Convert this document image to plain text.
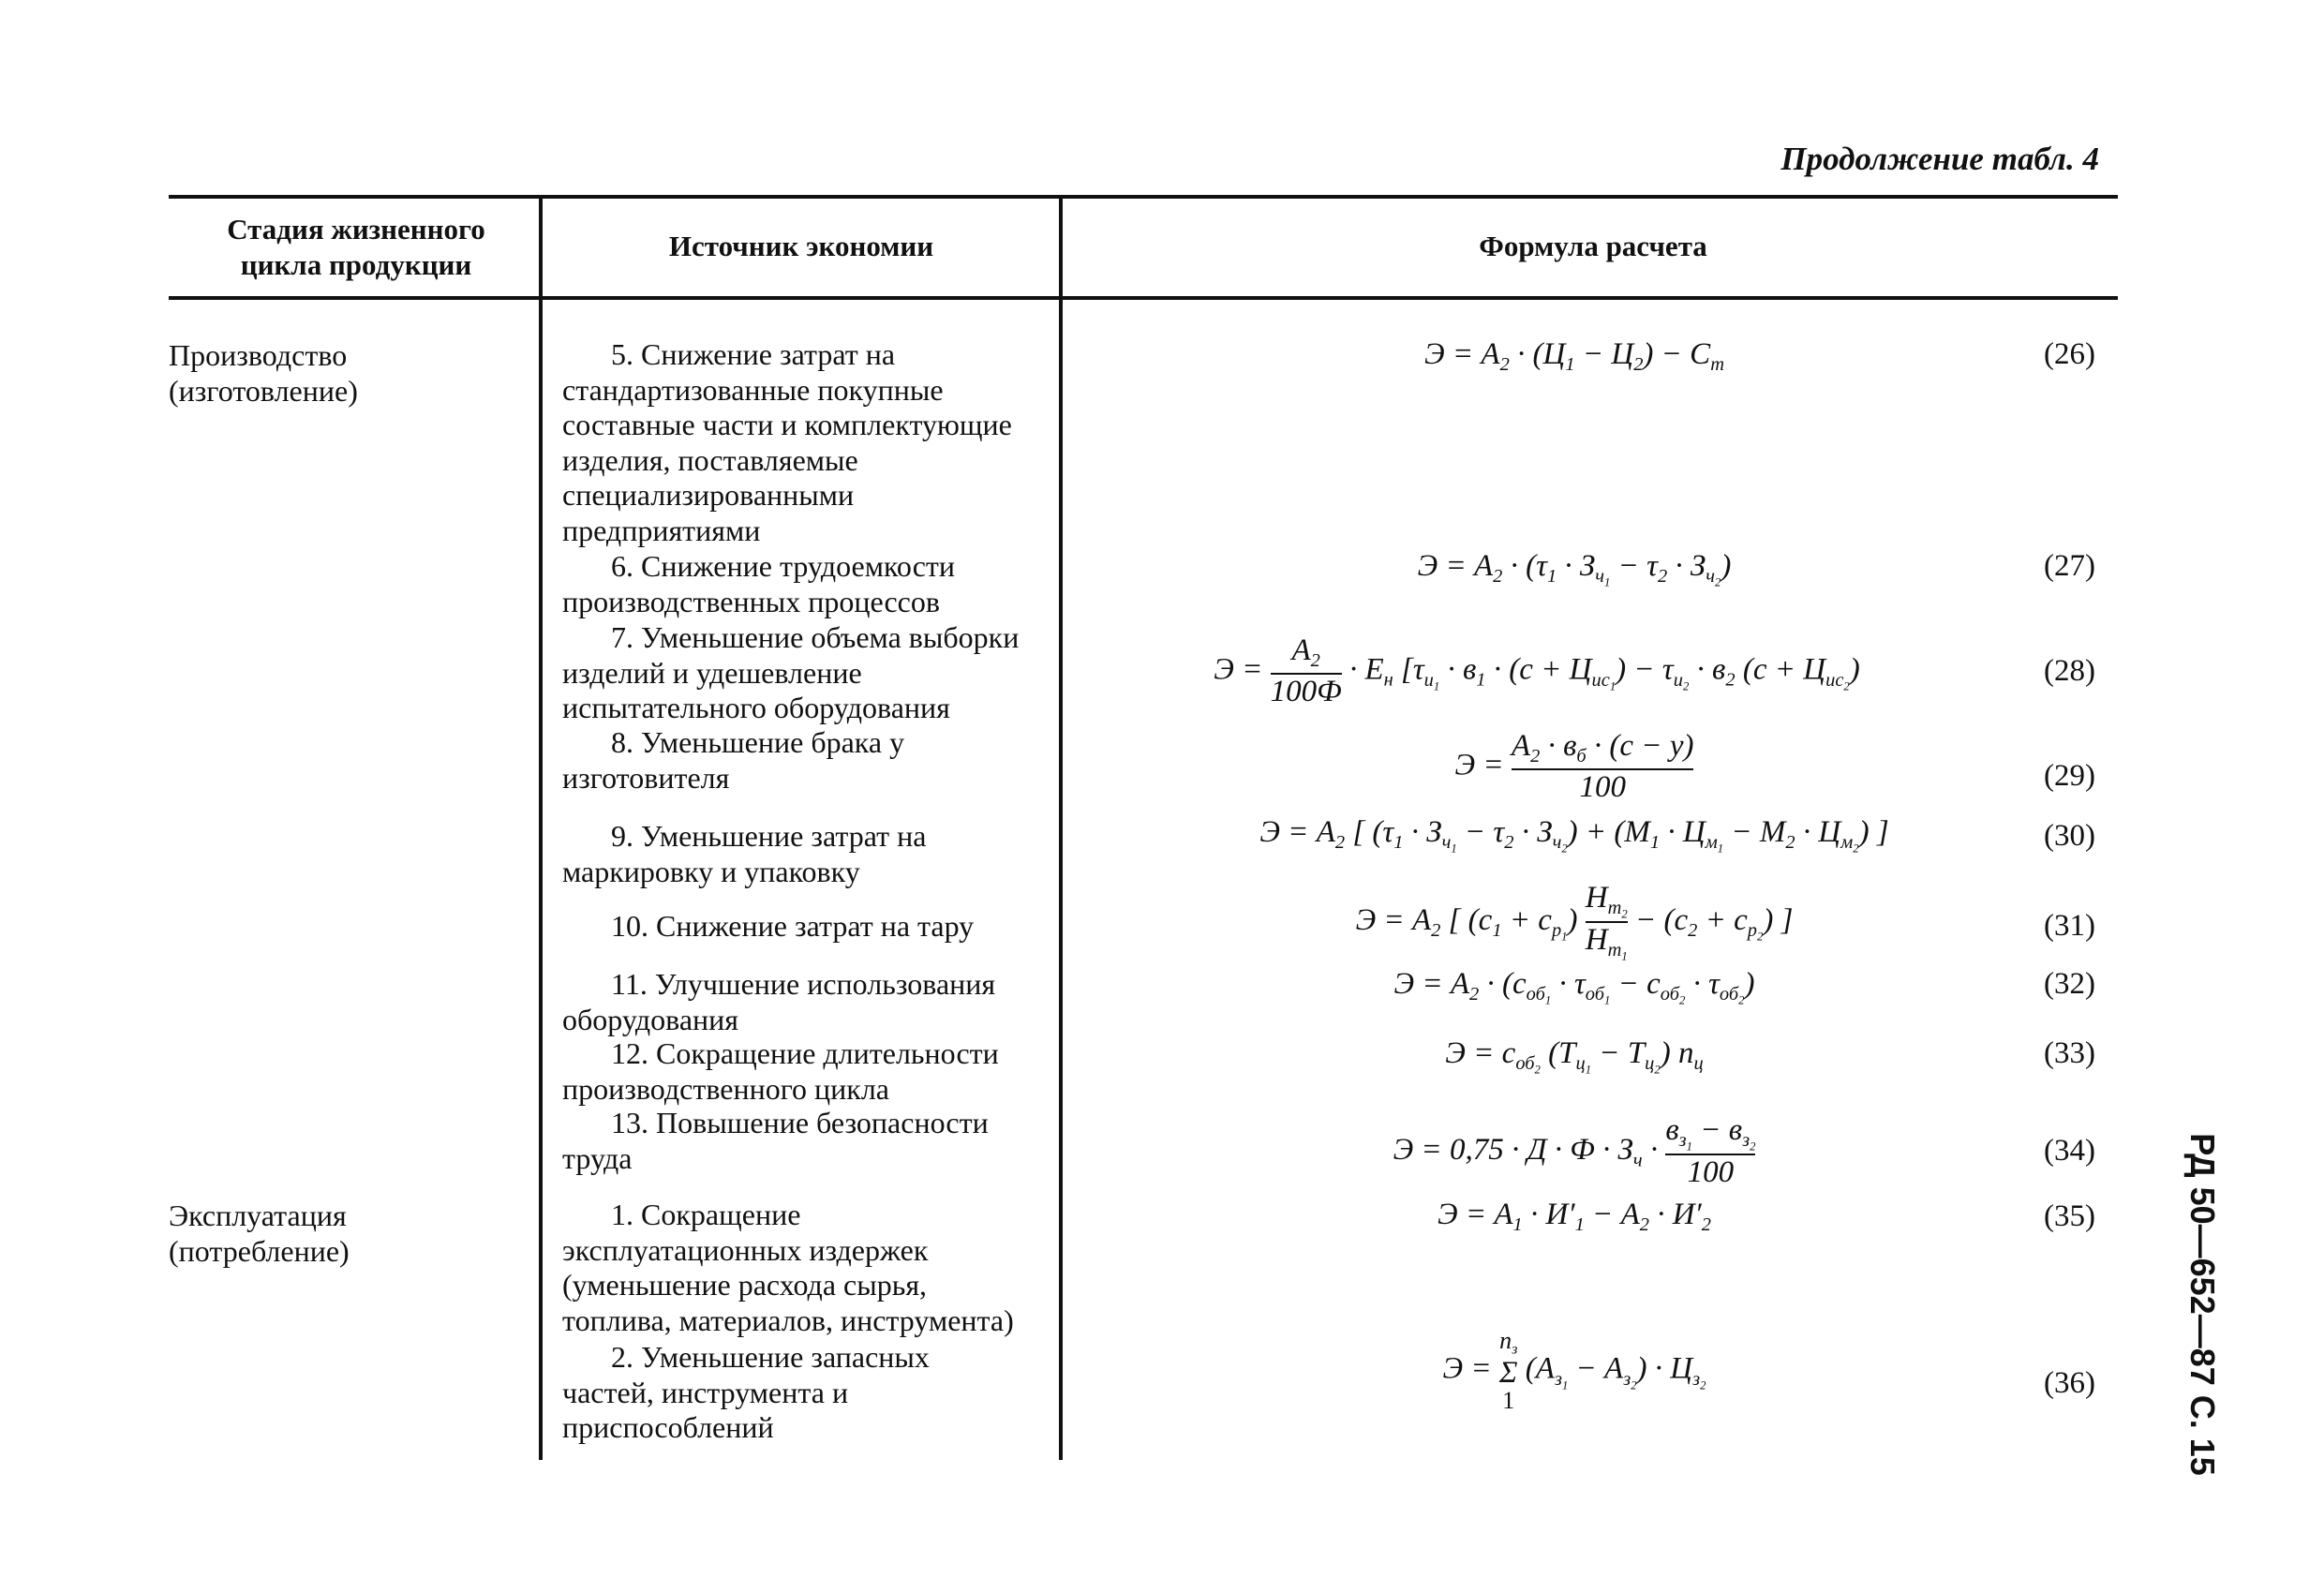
Продолжение табл. 4
Стадия жизненного цикла продукции
Источник экономии	Формула расчета
Производство (изготовление)
Эксплуатация (потребление)
5. Снижение затрат на стандартизованные покупные составные части и комплектующие изделия, поставляемые специализированными предприятиями
6. Снижение трудоемкости производственных процессов
7. Уменьшение объема выборки изделий и удешевление испытательного оборудования
8. Уменьшение брака у изготовителя
9. Уменьшение затрат на маркировку и упаковку
10. Снижение затрат на тару
11. Улучшение использования оборудования
12. Сокращение длительности производственного цикла
13. Повышение безопасности труда
1. Сокращение эксплуатационных издержек (уменьшение расхода сырья, топлива, материалов, инструмента)
2. Уменьшение запасных частей, инструмента и приспособлений
$Э = А_2 \cdot (Ц_1 - Ц_2) - С_т$
$Э = А_2 \cdot (\tau_1 \cdot З_{ч_1} - \tau_2 \cdot З_{ч_2})$
$Э = \frac{А_2}{100Ф} \cdot Е_н$ [$\tau_{и_1} \cdot в_1 \cdot (с + Ц_{ис_1}) - \tau_{и_2} \cdot в_2$ $(с + Ц_{ис_2})$
$Э = \frac{А_2 \cdot в_б \cdot (с - у)}{100}$
$Э = А_2$ [ $(\tau_1 \cdot З_{ч_1} - \tau_2 \cdot З_{ч_2}) + (М_1 \cdot Ц_{м_1} - М_2 \cdot Ц_{м_2})$ ]
$Э = А_2$ [ $(с_1 + с_{р_1}) \frac{Н_{т_2}}{Н_{т_1}} - (с_2 + с_{р_2})$ ]
$Э = А_2 \cdot (с_{об_1} \cdot \tau_{об_1} - с_{об_2} \cdot \tau_{об_2})$
$Э = с_{об_2}$ $(Т_{ц_1} - Т_{ц_2})$ $n_ц$
$Э = 0,75 \cdot Д \cdot Ф \cdot З_ч \cdot \frac{в_{з_1} - в_{з_2}}{100}$
$Э = А_1 \cdot И'_1 - А_2 \cdot И'_2$
Э =
$n_з$
Σ
1
$(А_{з_1} - А_{з_2}) \cdot Ц_{з_2}$
(26)
(27)
(28)
(29)
(30)
(31)
(32)
(33)
(34)
(35)
(36)	РД 50—652—87 С. 15
